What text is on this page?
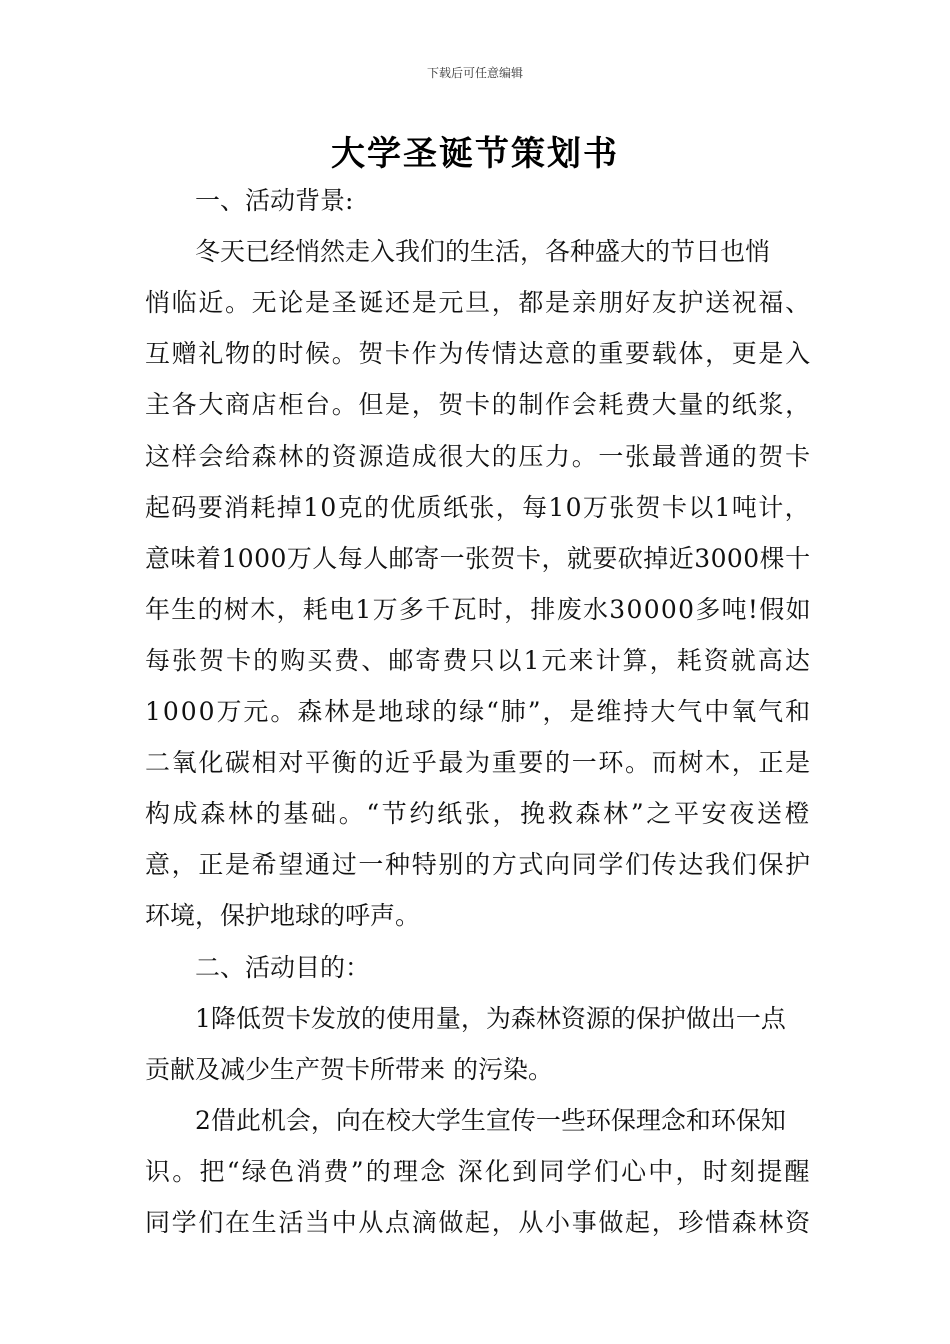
下载后可任意编辑
大学圣诞节策划书
一、活动背景:
冬天已经悄然走入我们的生活，各种盛大的节日也悄
悄临近。无论是圣诞还是元旦，都是亲朋好友护送祝福、
互赠礼物的时候。贺卡作为传情达意的重要载体，更是入
主各大商店柜台。但是，贺卡的制作会耗费大量的纸浆，
这样会给森林的资源造成很大的压力。一张最普通的贺卡
起码要消耗掉10克的优质纸张，每10万张贺卡以1吨计，
意味着1000万人每人邮寄一张贺卡，就要砍掉近3000棵十
年生的树木，耗电1万多千瓦时，排废水30000多吨!假如
每张贺卡的购买费、邮寄费只以1元来计算，耗资就高达
1000万元。森林是地球的绿“肺”，是维持大气中氧气和
二氧化碳相对平衡的近乎最为重要的一环。而树木，正是
构成森林的基础。“节约纸张，挽救森林”之平安夜送橙
意，正是希望通过一种特别的方式向同学们传达我们保护
环境，保护地球的呼声。
二、活动目的：
1降低贺卡发放的使用量，为森林资源的保护做出一点
贡献及减少生产贺卡所带来 的污染。
2借此机会，向在校大学生宣传一些环保理念和环保知
识。把“绿色消费”的理念 深化到同学们心中，时刻提醒
同学们在生活当中从点滴做起，从小事做起，珍惜森林资
